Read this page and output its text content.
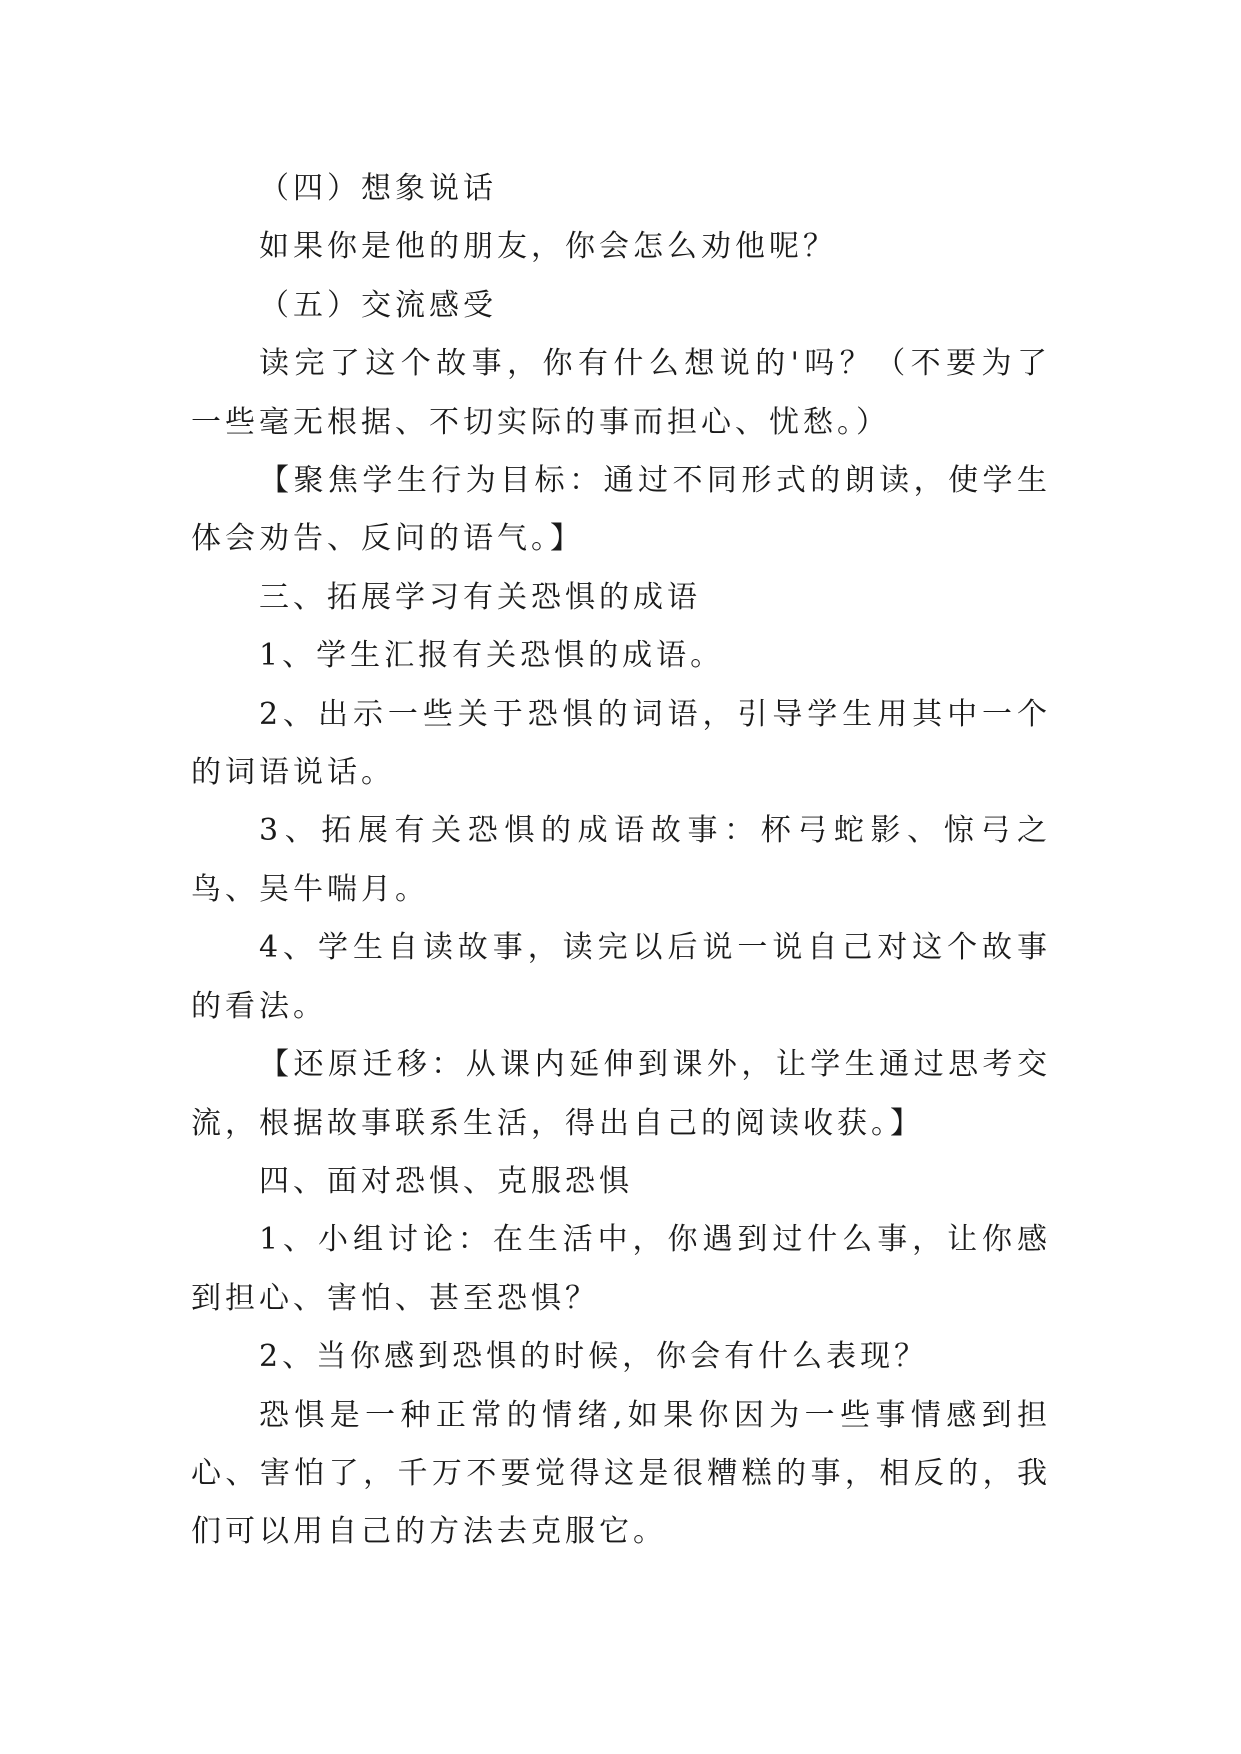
（四）想象说话

如果你是他的朋友，你会怎么劝他呢？

（五）交流感受

读完了这个故事，你有什么想说的'吗？（不要为了一些毫无根据、不切实际的事而担心、忧愁。）

【聚焦学生行为目标：通过不同形式的朗读，使学生体会劝告、反问的语气。】

三、拓展学习有关恐惧的成语

1、学生汇报有关恐惧的成语。

2、出示一些关于恐惧的词语，引导学生用其中一个的词语说话。

3、拓展有关恐惧的成语故事：杯弓蛇影、惊弓之鸟、吴牛喘月。

4、学生自读故事，读完以后说一说自己对这个故事的看法。

【还原迁移：从课内延伸到课外，让学生通过思考交流，根据故事联系生活，得出自己的阅读收获。】

四、面对恐惧、克服恐惧

1、小组讨论：在生活中，你遇到过什么事，让你感到担心、害怕、甚至恐惧？

2、当你感到恐惧的时候，你会有什么表现？

恐惧是一种正常的情绪,如果你因为一些事情感到担心、害怕了，千万不要觉得这是很糟糕的事，相反的，我们可以用自己的方法去克服它。
